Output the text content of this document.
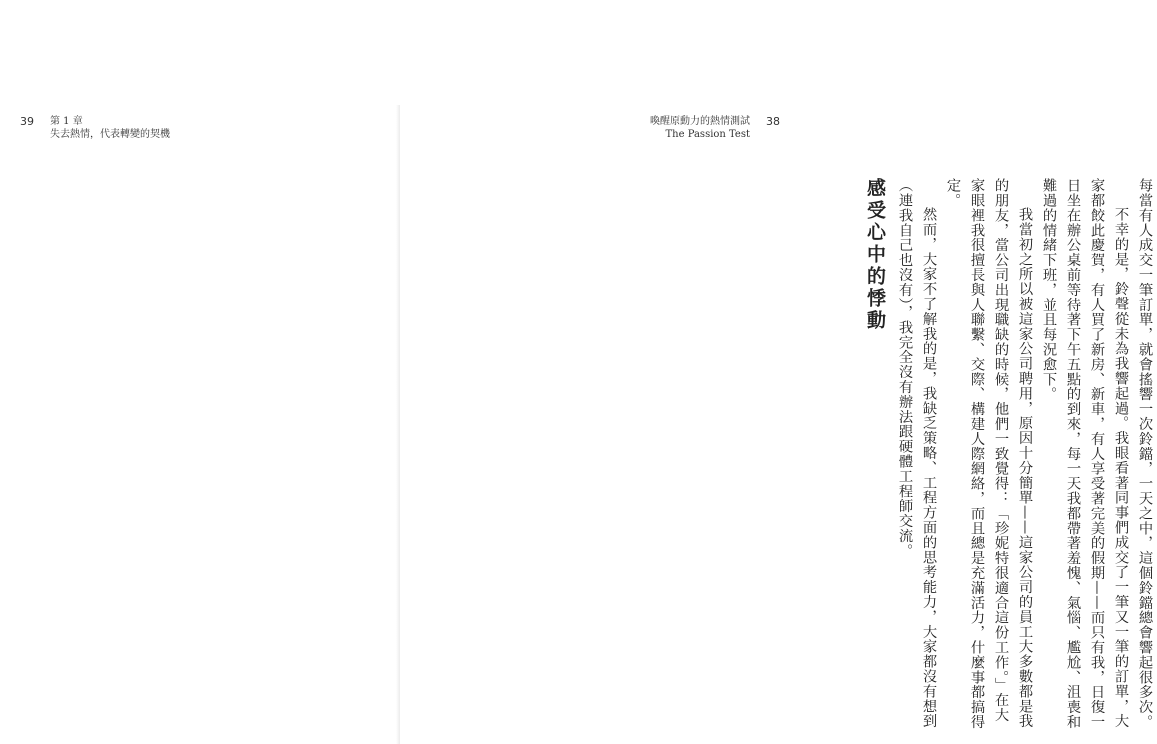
39 第 1 章
失去熱情，代表轉變的契機
喚醒原動力的熱情測試 38
The Passion Test
每當有人成交一筆訂單，就會搖響一次鈴鐺，一天之中，這個鈴鐺總會響起很多次。
不幸的是，鈴聲從未為我響起過。我眼看著同事們成交了一筆又一筆的訂單，大家都餃此慶賀，有人買了新房、新車，有人享受著完美的假期——而只有我，日復一日坐在辦公桌前等待著下午五點的到來，每一天我都帶著羞愧、氣惱、尷尬、沮喪和難過的情緒下班，並且每況愈下。
我當初之所以被這家公司聘用，原因十分簡單——這家公司的員工大多數都是我的朋友，當公司出現職缺的時候，他們一致覺得：「珍妮特很適合這份工作。」在大家眼裡我很擅長與人聯繫、交際、構建人際網絡，而且總是充滿活力，什麼事都搞得定。
然而，大家不了解我的是，我缺乏策略、工程方面的思考能力，大家都沒有想到（連我自己也沒有），我完全沒有辦法跟硬體工程師交流。
感受心中的悸動
